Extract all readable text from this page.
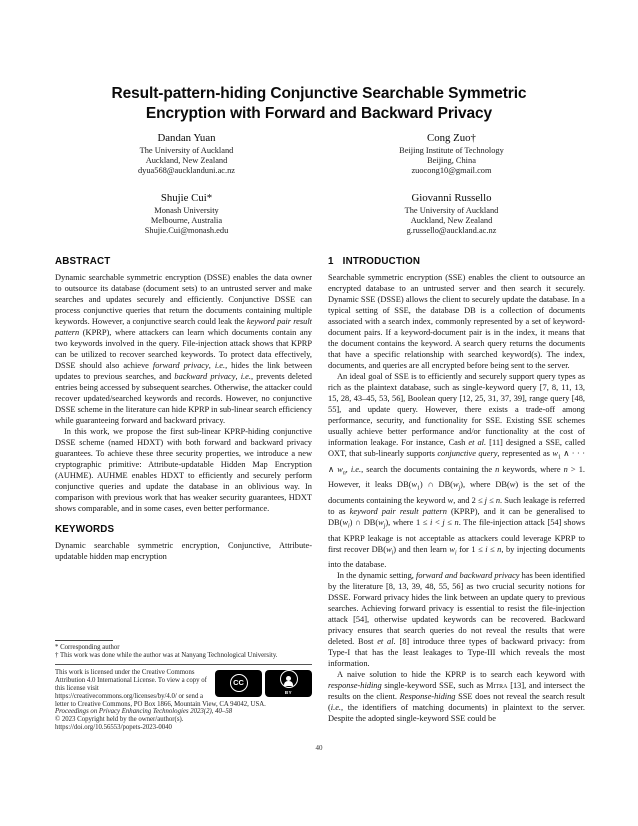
Result-pattern-hiding Conjunctive Searchable Symmetric
Encryption with Forward and Backward Privacy
Dandan Yuan
The University of Auckland
Auckland, New Zealand
dyua568@aucklanduni.ac.nz
Cong Zuo†
Beijing Institute of Technology
Beijing, China
zuocong10@gmail.com
Shujie Cui*
Monash University
Melbourne, Australia
Shujie.Cui@monash.edu
Giovanni Russello
The University of Auckland
Auckland, New Zealand
g.russello@auckland.ac.nz
ABSTRACT

Dynamic searchable symmetric encryption (DSSE) enables the data owner to outsource its database (document sets) to an untrusted server and make searches and updates securely and efficiently. Conjunctive DSSE can process conjunctive queries that return the documents containing multiple keywords. However, a conjunctive search could leak the keyword pair result pattern (KPRP), where attackers can learn which documents contain any two keywords involved in the query. File-injection attack shows that KPRP can be utilized to recover searched keywords. To protect data effectively, DSSE should also achieve forward privacy, i.e., hides the link between updates to previous searches, and backward privacy, i.e., prevents deleted entries being accessed by subsequent searches. Otherwise, the attacker could recover updated/searched keywords and records. However, no conjunctive DSSE scheme in the literature can hide KPRP in sub-linear search efficiency while guaranteeing forward and backward privacy.

In this work, we propose the first sub-linear KPRP-hiding conjunctive DSSE scheme (named HDXT) with both forward and backward privacy guarantees. To achieve these three security properties, we introduce a new cryptographic primitive: Attribute-updatable Hidden Map Encryption (AUHME). AUHME enables HDXT to efficiently and securely perform conjunctive queries and update the database in an oblivious way. In comparison with previous work that has weaker security guarantees, HDXT shows comparable, and in some cases, even better performance.

KEYWORDS

Dynamic searchable symmetric encryption, Conjunctive, Attribute-updatable hidden map encryption

* Corresponding author
† This work was done while the author was at Nanyang Technological University.
CC
BY
This work is licensed under the Creative Commons Attribution 4.0 International License. To view a copy of this license visit https://creativecommons.org/licenses/by/4.0/ or send a letter to Creative Commons, PO Box 1866, Mountain View, CA 94042, USA.
Proceedings on Privacy Enhancing Technologies 2023(2), 40–58
© 2023 Copyright held by the owner/author(s).
https://doi.org/10.56553/popets-2023-0040
1 INTRODUCTION

Searchable symmetric encryption (SSE) enables the client to outsource an encrypted database to an untrusted server and then search it securely. Dynamic SSE (DSSE) allows the client to securely update the database. In a typical setting of SSE, the database DB is a collection of documents associated with a search index, commonly represented by a set of keyword-document pairs. If a keyword-document pair is in the index, it means that the document contains the keyword. A search query returns the documents that have a specific relationship with searched keyword(s). The index, documents, and queries are all encrypted before being sent to the server.

An ideal goal of SSE is to efficiently and securely support query types as rich as the plaintext database, such as single-keyword query [7, 8, 11, 13, 15, 28, 43–45, 53, 56], Boolean query [12, 25, 31, 37, 39], range query [48, 55], and update query. However, there exists a trade-off among performance, security, and functionality for SSE. Existing SSE schemes usually achieve better performance and/or functionality at the cost of information leakage. For instance, Cash et al. [11] designed a SSE, called OXT, that sub-linearly supports conjunctive query, represented as $w_1$ ∧ · · · ∧ $w_n$, i.e., search the documents containing the n keywords, where n > 1. However, it leaks $DB(w_1)$ ∩ $DB(w_j)$, where DB(w) is the set of the documents containing the keyword w, and 2 ≤ j ≤ n. Such leakage is referred to as keyword pair result pattern (KPRP), and it can be generalised to $DB(w_i)$ ∩ $DB(w_j)$, where 1 ≤ i < j ≤ n. The file-injection attack [54] shows that KPRP leakage is not acceptable as attackers could leverage KPRP to first recover $DB(w_i)$ and then learn $w_i$ for 1 ≤ i ≤ n, by injecting documents into the database.

In the dynamic setting, forward and backward privacy has been identified by the literature [8, 13, 39, 48, 55, 56] as two crucial security notions for DSSE. Forward privacy hides the link between an update query to previous searches. Achieving forward privacy is essential to resist the file-injection attack [54], otherwise updated keywords can be recovered. Backward privacy ensures that search queries do not reveal the results that were deleted. Bost et al. [8] introduce three types of backward privacy: from Type-I that has the least leakages to Type-III which reveals the most information.

A naive solution to hide the KPRP is to search each keyword with response-hiding single-keyword SSE, such as Mitra [13], and intersect the results on the client. Response-hiding SSE does not reveal the search result (i.e., the identifiers of matching documents) in plaintext to the server. Despite the adopted single-keyword SSE could be

40
